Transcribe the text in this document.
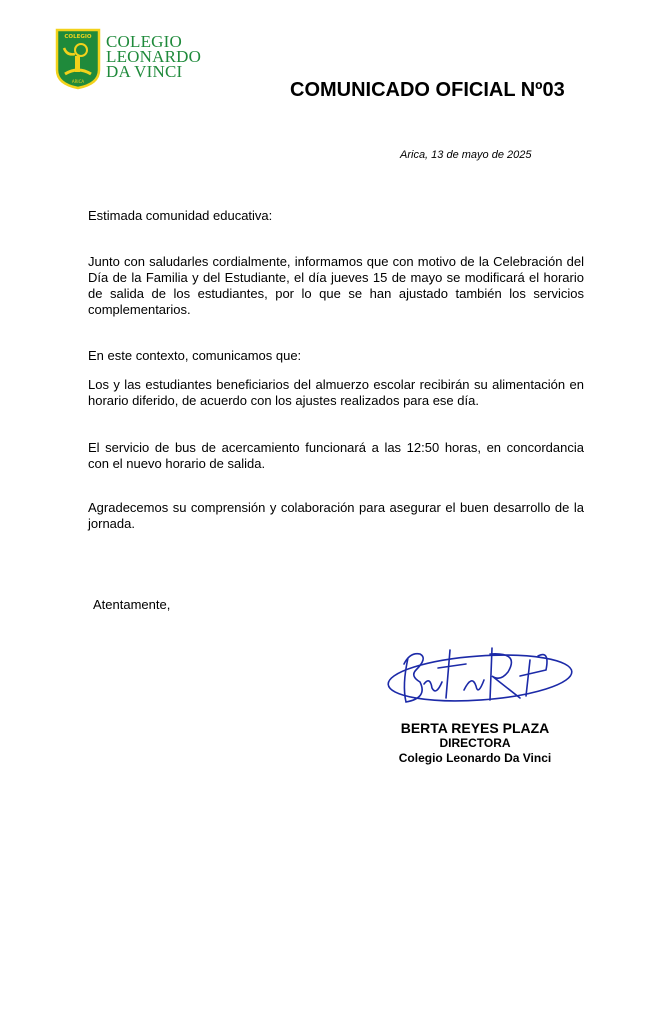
COLEGIO
ARICA
COLEGIO
LEONARDO
DA VINCI
COMUNICADO OFICIAL Nº03
Arica, 13 de mayo de 2025
Estimada comunidad educativa:
Junto con saludarles cordialmente, informamos que con motivo de la Celebración del Día de la Familia y del Estudiante, el día jueves 15 de mayo se modificará el horario de salida de los estudiantes, por lo que se han ajustado también los servicios complementarios.
En este contexto, comunicamos que:
Los y las estudiantes beneficiarios del almuerzo escolar recibirán su alimentación en horario diferido, de acuerdo con los ajustes realizados para ese día.
El servicio de bus de acercamiento funcionará a las 12:50 horas, en concordancia con el nuevo horario de salida.
Agradecemos su comprensión y colaboración para asegurar el buen desarrollo de la jornada.
Atentamente,
BERTA REYES PLAZA
DIRECTORA
Colegio Leonardo Da Vinci
